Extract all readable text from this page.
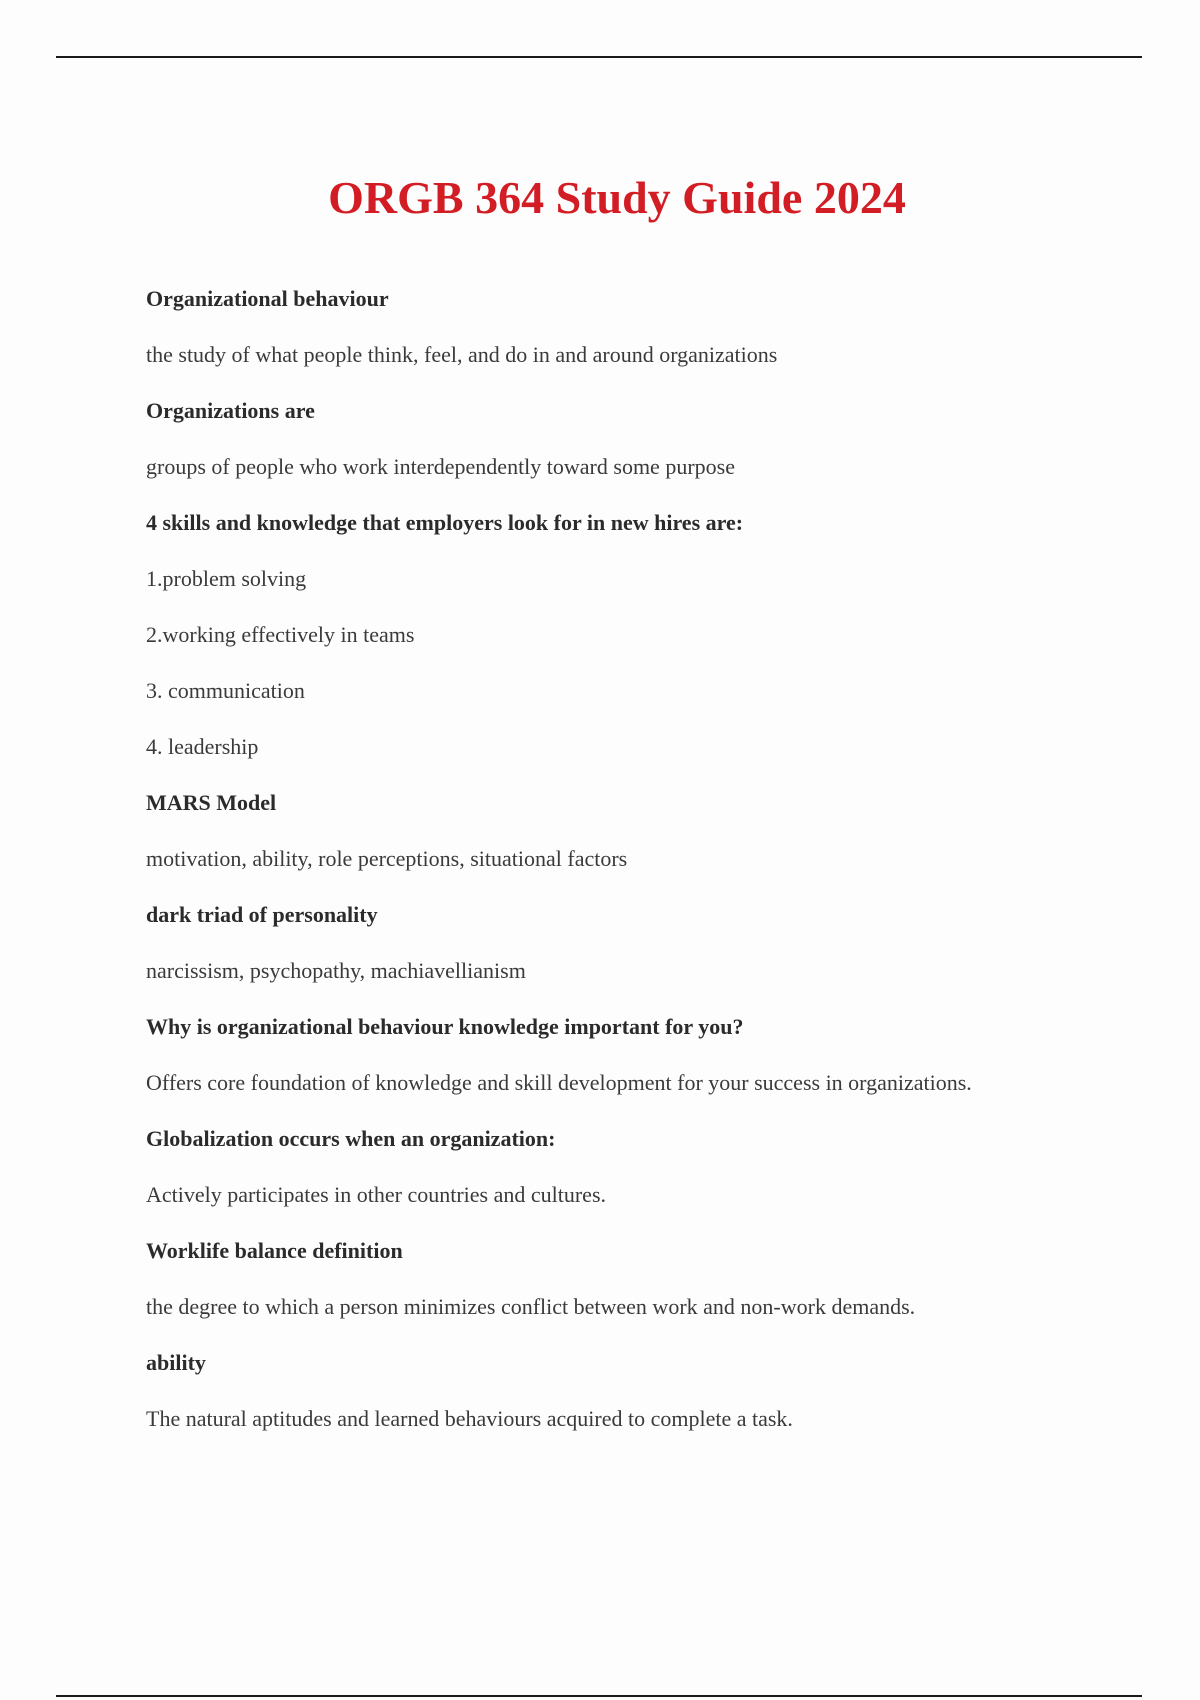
ORGB 364 Study Guide 2024
Organizational behaviour
the study of what people think, feel, and do in and around organizations
Organizations are
groups of people who work interdependently toward some purpose
4 skills and knowledge that employers look for in new hires are:
1.problem solving
2.working effectively in teams
3. communication
4. leadership
MARS Model
motivation, ability, role perceptions, situational factors
dark triad of personality
narcissism, psychopathy, machiavellianism
Why is organizational behaviour knowledge important for you?
Offers core foundation of knowledge and skill development for your success in organizations.
Globalization occurs when an organization:
Actively participates in other countries and cultures.
Worklife balance definition
the degree to which a person minimizes conflict between work and non-work demands.
ability
The natural aptitudes and learned behaviours acquired to complete a task.
